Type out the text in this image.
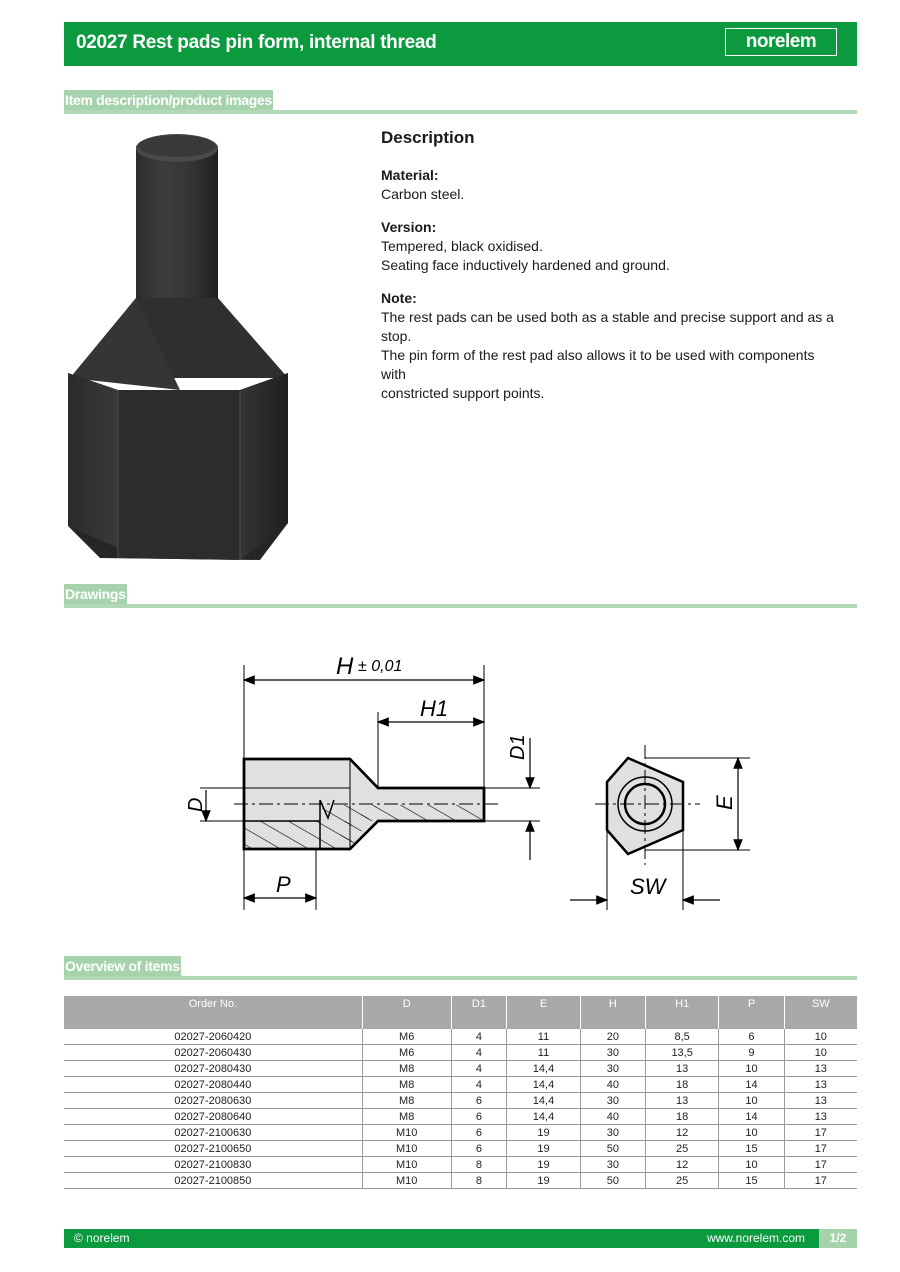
02027 Rest pads pin form, internal thread	norelem
Item description/product images
Description

Material:

Carbon steel.

Version:

Tempered, black oxidised.

Seating face inductively hardened and ground.

Note:

The rest pads can be used both as a stable and precise support and as a stop.

The pin form of the rest pad also allows it to be used with components with

constricted support points.

Drawings
H ± 0,01
H1
D1
D
P
E
SW
Overview of items
Order No.	D	D1	E	H	H1	P	SW
02027-2060420	M6	4	11	20	8,5	6	10
02027-2060430	M6	4	11	30	13,5	9	10
02027-2080430	M8	4	14,4	30	13	10	13
02027-2080440	M8	4	14,4	40	18	14	13
02027-2080630	M8	6	14,4	30	13	10	13
02027-2080640	M8	6	14,4	40	18	14	13
02027-2100630	M10	6	19	30	12	10	17
02027-2100650	M10	6	19	50	25	15	17
02027-2100830	M10	8	19	30	12	10	17
02027-2100850	M10	8	19	50	25	15	17
© norelem	www.norelem.com	1/2
